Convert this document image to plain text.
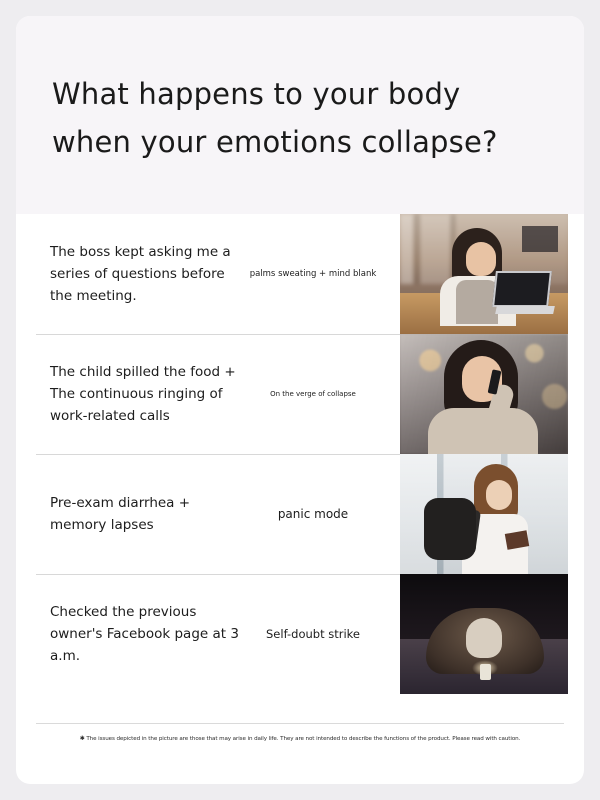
What happens to your body
when your emotions collapse?
The boss kept asking me a series of questions before the meeting.
palms sweating + mind blank
The child spilled the food + The continuous ringing of work-related calls
On the verge of collapse
Pre-exam diarrhea + memory lapses
panic mode
Checked the previous owner's Facebook page at 3 a.m.
Self-doubt strike
✱ The issues depicted in the picture are those that may arise in daily life. They are not intended to describe the functions of the product. Please read with caution.
